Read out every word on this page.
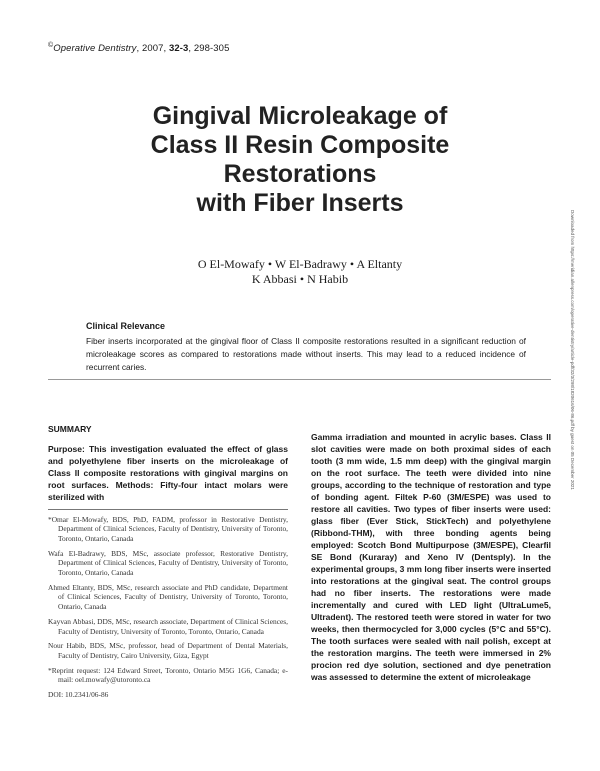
©Operative Dentistry, 2007, 32-3, 298-305
Gingival Microleakage of
Class II Resin Composite
Restorations
with Fiber Inserts
O El-Mowafy • W El-Badrawy • A Eltanty
K Abbasi • N Habib
Clinical Relevance
Fiber inserts incorporated at the gingival floor of Class II composite restorations resulted in a significant reduction of microleakage scores as compared to restorations made without inserts. This may lead to a reduced incidence of recurrent caries.	Downloaded from https://meridian.allenpress.com/operative-dentistry/article-pdf/32/3/298/1820616/06-86.pdf by guest on 05 December 2021
SUMMARY
Purpose: This investigation evaluated the effect of glass and polyethylene fiber inserts on the microleakage of Class II composite restorations with gingival margins on root surfaces. Methods: Fifty-four intact molars were sterilized with
*Omar El-Mowafy, BDS, PhD, FADM, professor in Restorative Dentistry, Department of Clinical Sciences, Faculty of Dentistry, University of Toronto, Toronto, Ontario, Canada
Wafa El-Badrawy, BDS, MSc, associate professor, Restorative Dentistry, Department of Clinical Sciences, Faculty of Dentistry, University of Toronto, Toronto, Ontario, Canada
Ahmed Eltanty, BDS, MSc, research associate and PhD candidate, Department of Clinical Sciences, Faculty of Dentistry, University of Toronto, Toronto, Ontario, Canada
Kayvan Abbasi, DDS, MSc, research associate, Department of Clinical Sciences, Faculty of Dentistry, University of Toronto, Toronto, Ontario, Canada
Nour Habib, BDS, MSc, professor, head of Department of Dental Materials, Faculty of Dentistry, Cairo University, Giza, Egypt
*Reprint request: 124 Edward Street, Toronto, Ontario M5G 1G6, Canada; e-mail: oel.mowafy@utoronto.ca
DOI: 10.2341/06-86
Gamma irradiation and mounted in acrylic bases. Class II slot cavities were made on both proximal sides of each tooth (3 mm wide, 1.5 mm deep) with the gingival margin on the root surface. The teeth were divided into nine groups, according to the technique of restoration and type of bonding agent. Filtek P-60 (3M/ESPE) was used to restore all cavities. Two types of fiber inserts were used: glass fiber (Ever Stick, StickTech) and polyethylene (Ribbond-THM), with three bonding agents being employed: Scotch Bond Multipurpose (3M/ESPE), Clearfil SE Bond (Kuraray) and Xeno IV (Dentsply). In the experimental groups, 3 mm long fiber inserts were inserted into restorations at the gingival seat. The control groups had no fiber inserts. The restorations were made incrementally and cured with LED light (UltraLume5, Ultradent). The restored teeth were stored in water for two weeks, then thermocycled for 3,000 cycles (5°C and 55°C). The tooth surfaces were sealed with nail polish, except at the restoration margins. The teeth were immersed in 2% procion red dye solution, sectioned and dye penetration was assessed to determine the extent of microleakage
